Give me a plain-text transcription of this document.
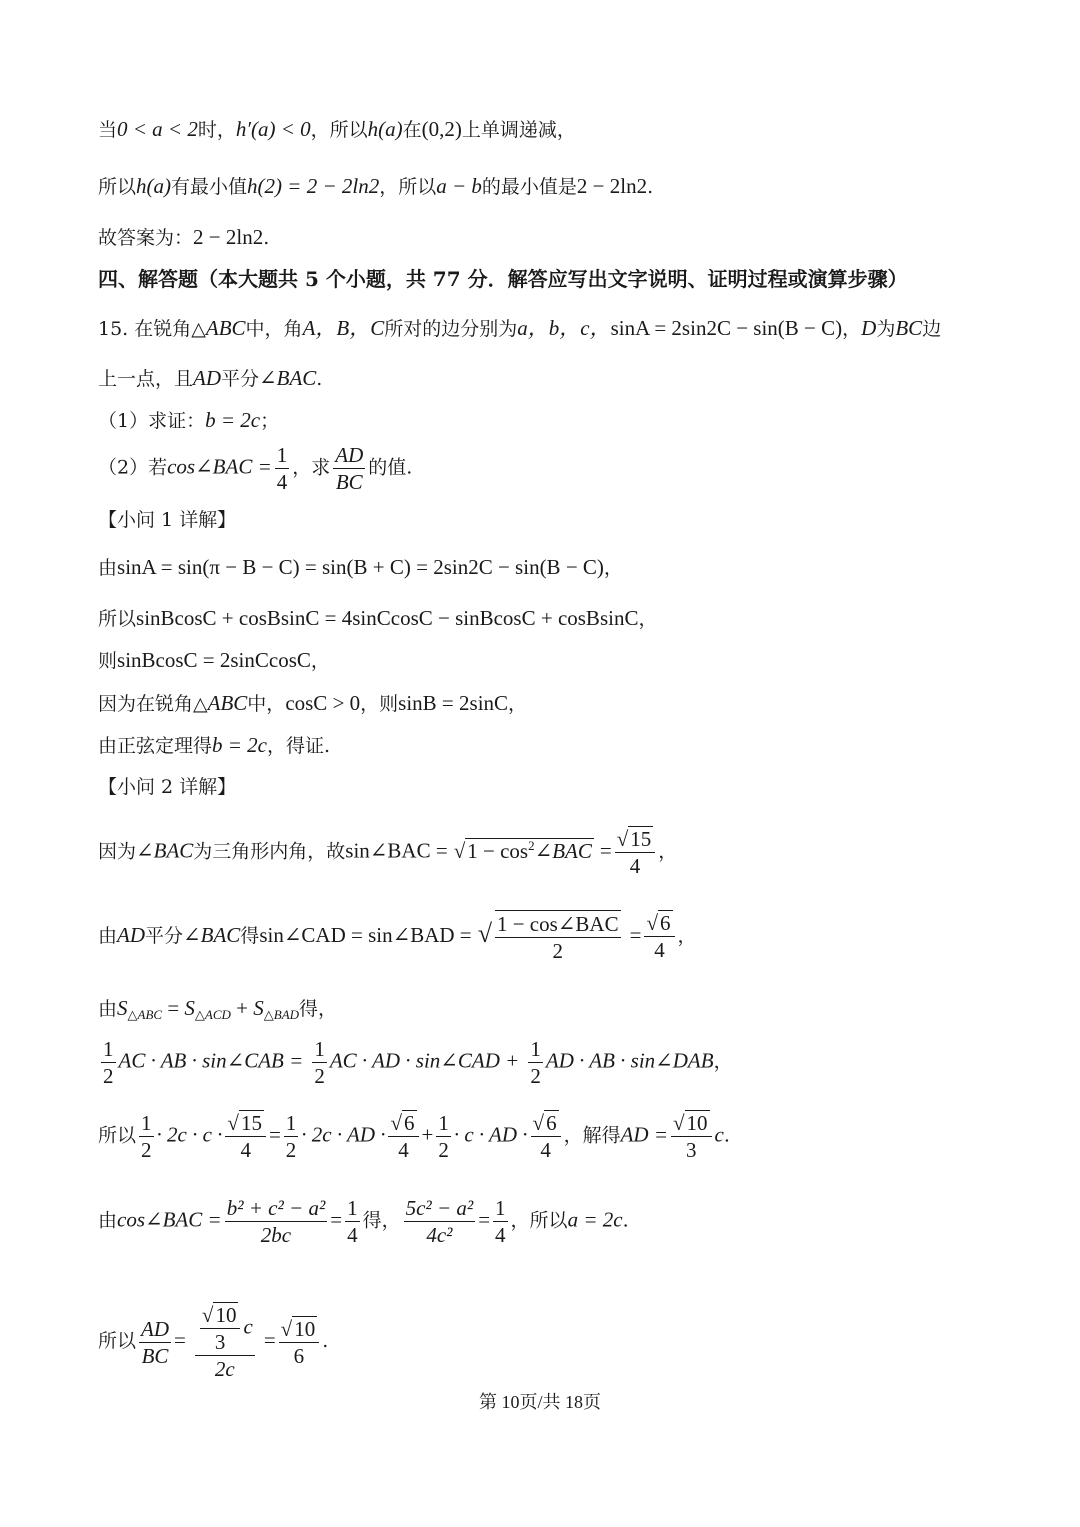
当0 < a < 2时，h′(a) < 0，所以h(a)在(0,2)上单调递减，
所以h(a)有最小值h(2) = 2 − 2ln2，所以a − b的最小值是2 − 2ln2.
故答案为：2 − 2ln2.
四、解答题（本大题共 5 个小题，共 77 分．解答应写出文字说明、证明过程或演算步骤）
15. 在锐角△ABC中，角A，B，C所对的边分别为a，b，c，sinA = 2sin2C − sin(B − C)，D为BC边
上一点，且AD平分∠BAC.
（1）求证：b = 2c；
（2）若cos∠BAC = $\frac{1}{4}$ ，求 $\frac{AD}{BC}$ 的值.
【小问 1 详解】
由sinA = sin(π − B − C) = sin(B + C) = 2sin2C − sin(B − C)，
所以sinBcosC + cosBsinC = 4sinCcosC − sinBcosC + cosBsinC，
则sinBcosC = 2sinCcosC，
因为在锐角△ABC中，cosC > 0，则sinB = 2sinC，
由正弦定理得b = 2c，得证.
【小问 2 详解】
因为∠BAC为三角形内角，故sin∠BAC = $√1 - \cos^2\angle BAC = \frac{√15}{4}$ ，
由AD平分∠BAC得sin∠CAD = sin∠BAD = √ $\frac{\text{1 − cos∠BAC}}{2} = \frac{√6}{4}$ ，
由$S_{\triangle ABC} = S_{\triangle ACD} + S_{\triangle BAD}$得，
$\frac{1}{2}$ AC · AB · sin∠CAB = $\frac{1}{2}$ AC · AD · sin∠CAD + $\frac{1}{2}$ AD · AB · sin∠DAB，
所以 $\frac{1}{2} \cdot 2c \cdot c \cdot \frac{√15}{4} = \frac{1}{2} \cdot 2c$ · AD · $\frac{√6}{4} + \frac{1}{2} \cdot c$ · AD · $\frac{√6}{4}$ ，解得AD = $\frac{√10}{3} c$.
由cos∠BAC = $\frac{\text{b² + c² − a²}}{2bc} = \frac{1}{4}$ 得， $\frac{\text{5c² − a²}}{\text{4c²}} = \frac{1}{4}$ ，所以a = 2c.
所以 $\frac{AD}{BC} = \frac{\frac{√10}{3} c}{2c} = \frac{√10}{6}$ .
第 10页/共 18页
